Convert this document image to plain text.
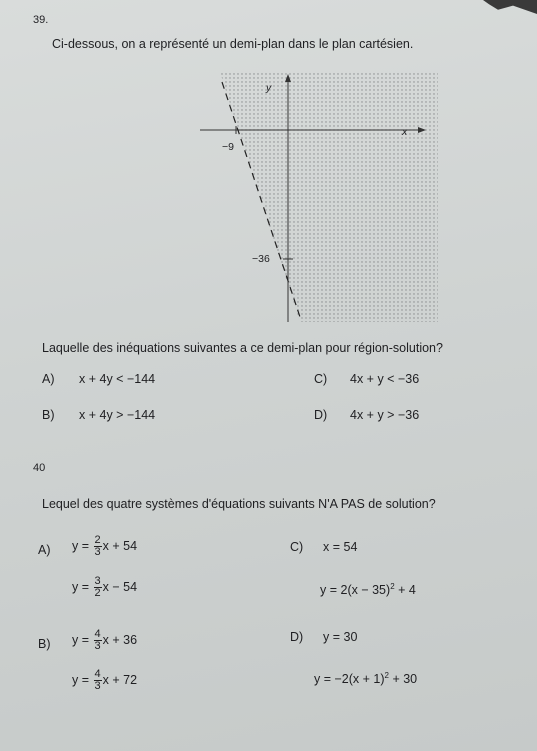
39.
Ci-dessous, on a représenté un demi-plan dans le plan cartésien.
y
x
−9
−36
Laquelle des inéquations suivantes a ce demi-plan pour région-solution?
A) x + 4y < −144
B) x + 4y > −144
C) 4x + y < −36
D) 4x + y > −36
40
Lequel des quatre systèmes d'équations suivants N'A PAS de solution?
A) $y = \frac{2}{3}$ x + 54
$y = \frac{3}{2}$ x − 54
C) x = 54
$y = 2(x - 35)^2 + 4$
B) $y = \frac{4}{3}$ x + 36
$y = \frac{4}{3}$ x + 72
D) y = 30
$y = -2(x + 1)^2 + 30$
